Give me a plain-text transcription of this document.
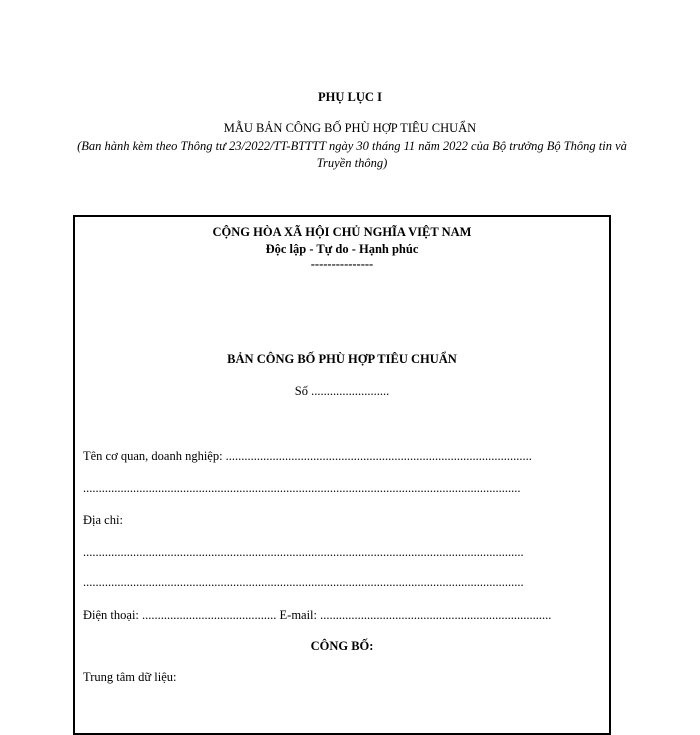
PHỤ LỤC I
MẪU BẢN CÔNG BỐ PHÙ HỢP TIÊU CHUẨN
(Ban hành kèm theo Thông tư 23/2022/TT-BTTTT ngày 30 tháng 11 năm 2022 của Bộ trưởng Bộ Thông tin và Truyền thông)
CỘNG HÒA XÃ HỘI CHỦ NGHĨA VIỆT NAM
Độc lập - Tự do - Hạnh phúc
---------------
BẢN CÔNG BỐ PHÙ HỢP TIÊU CHUẨN
Số .........................
Tên cơ quan, doanh nghiệp: ..................................................................................................
............................................................................................................................................
Địa chỉ:
.............................................................................................................................................
.............................................................................................................................................
Điện thoại: ........................................... E-mail: ..........................................................................
CÔNG BỐ:
Trung tâm dữ liệu:
